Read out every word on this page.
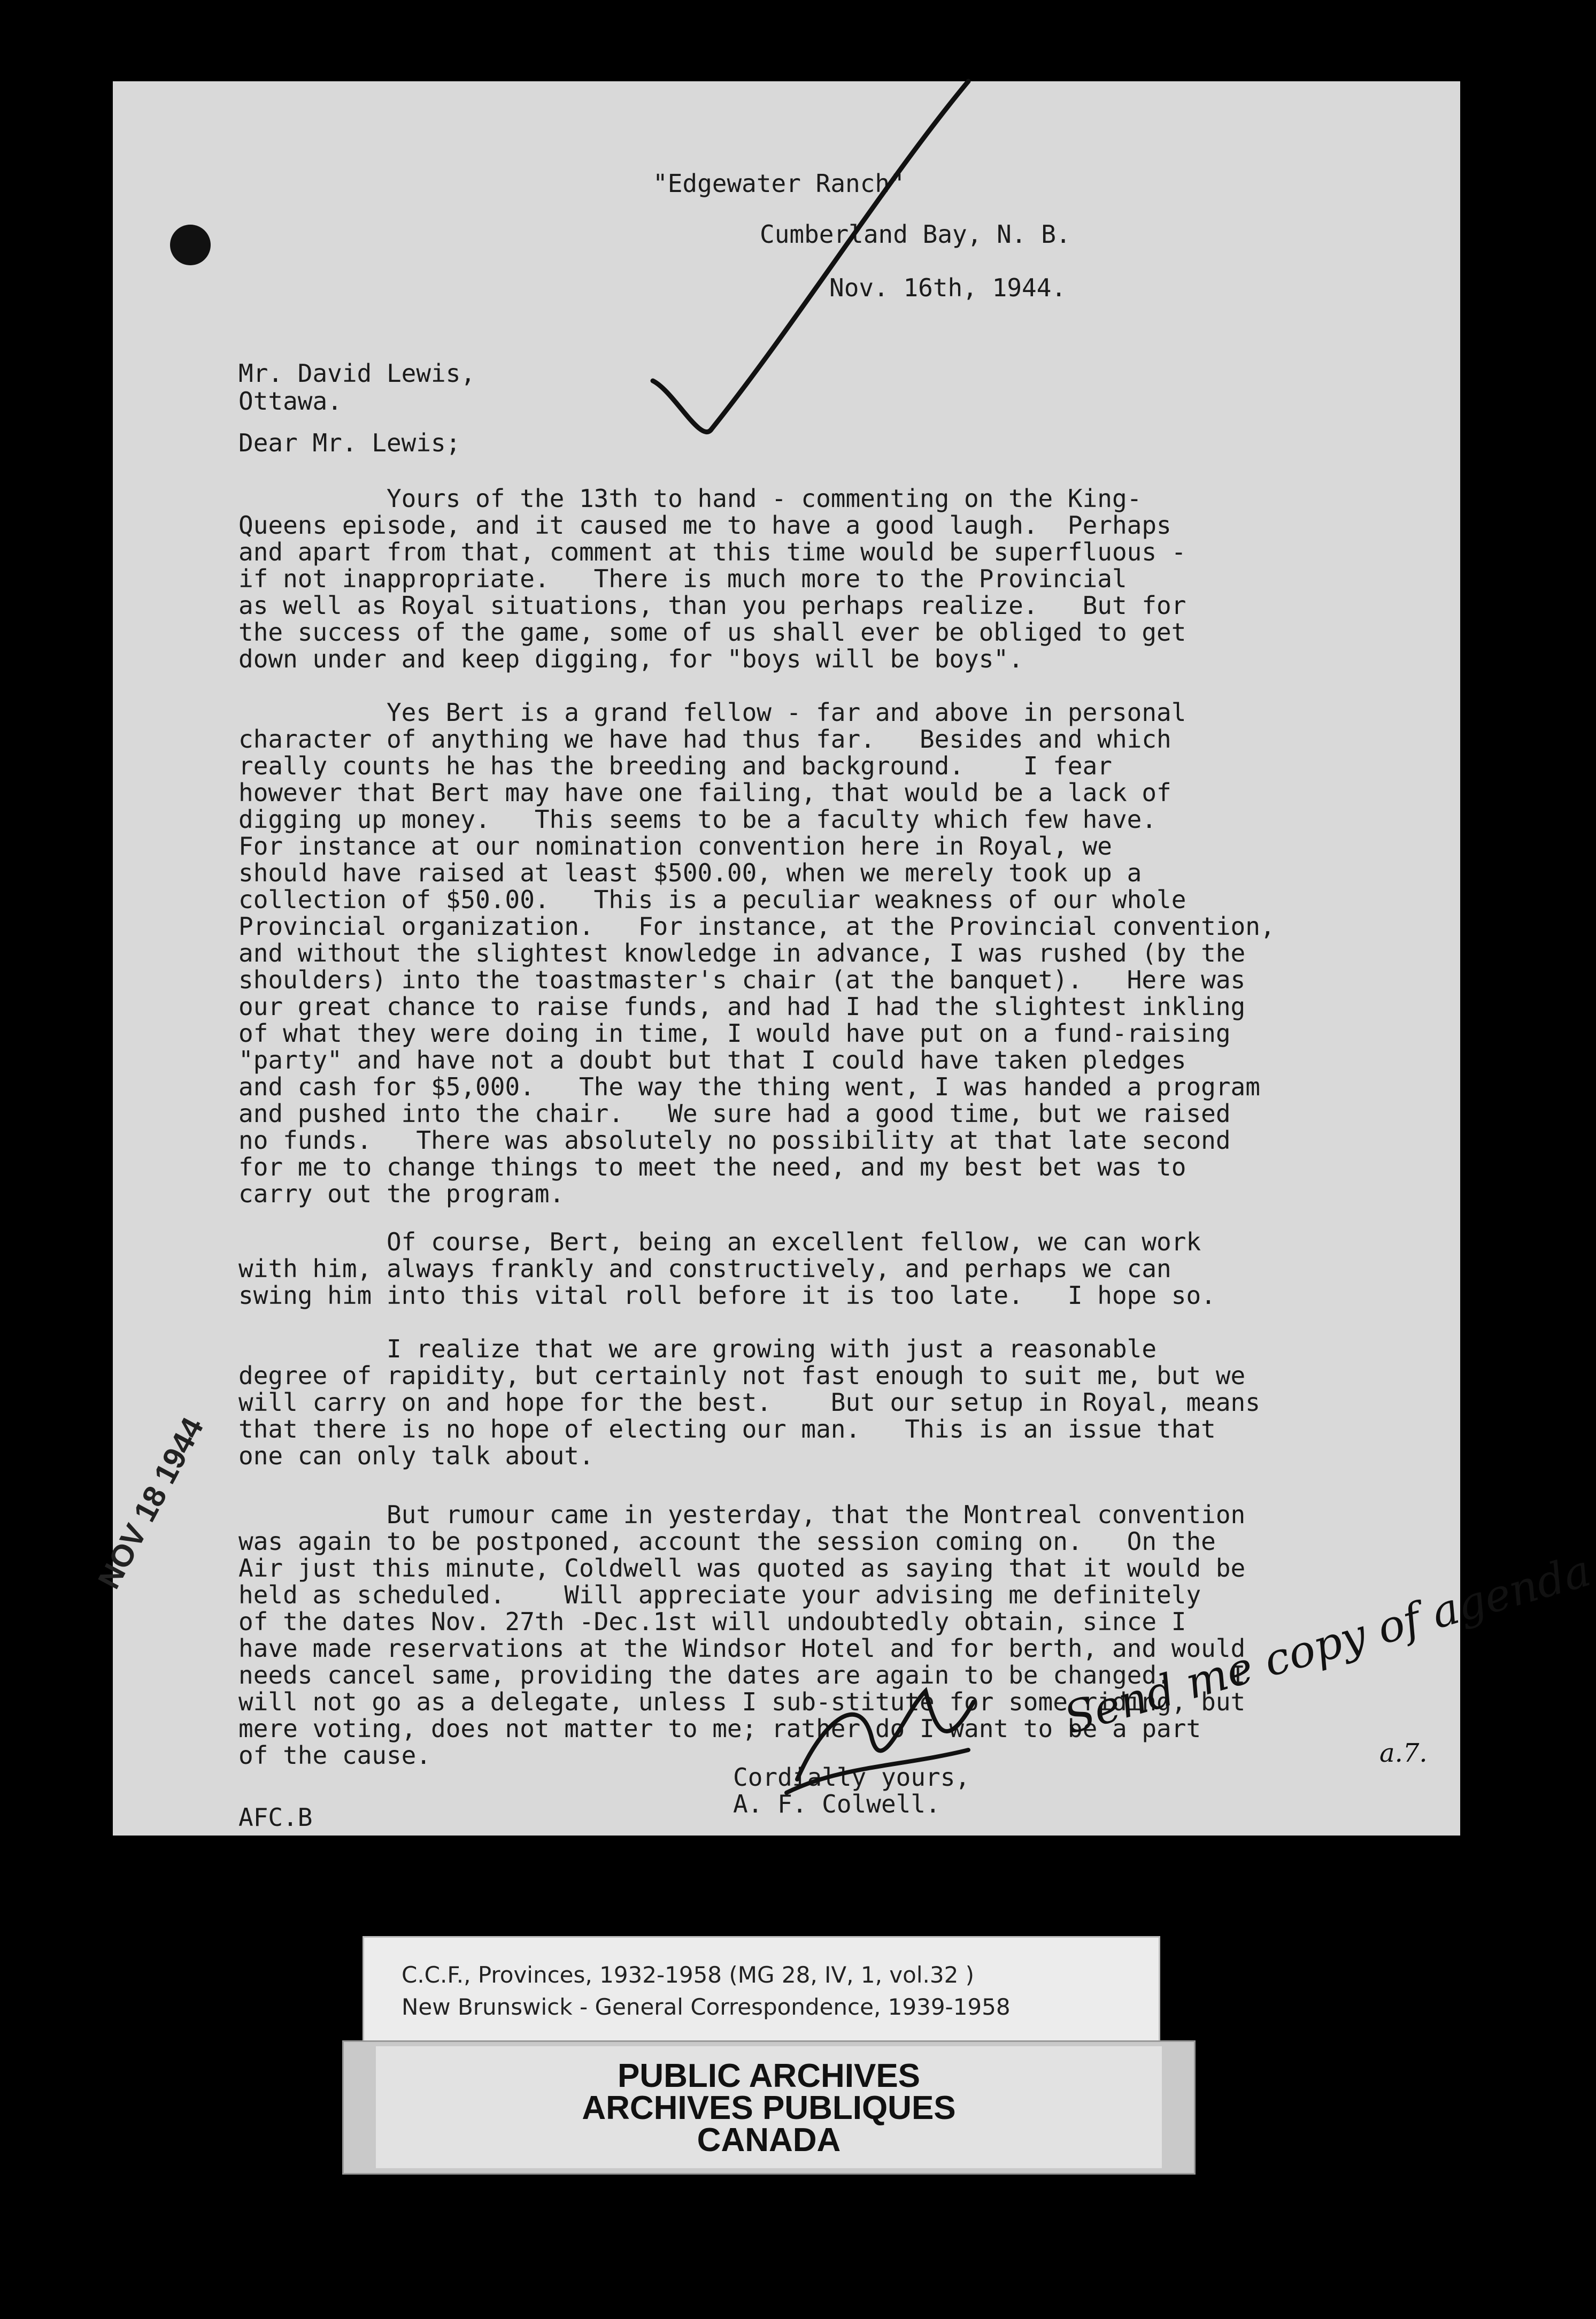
"Edgewater Ranch"
Cumberland Bay, N. B.
Nov. 16th, 1944.
Mr. David Lewis,
Ottawa.
Dear Mr. Lewis;
Yours of the 13th to hand - commenting on the King-
Queens episode, and it caused me to have a good laugh.  Perhaps
and apart from that, comment at this time would be superfluous -
if not inappropriate.   There is much more to the Provincial
as well as Royal situations, than you perhaps realize.   But for
the success of the game, some of us shall ever be obliged to get
down under and keep digging, for "boys will be boys".
Yes Bert is a grand fellow - far and above in personal
character of anything we have had thus far.   Besides and which
really counts he has the breeding and background.    I fear
however that Bert may have one failing, that would be a lack of
digging up money.   This seems to be a faculty which few have.
For instance at our nomination convention here in Royal, we
should have raised at least $500.00, when we merely took up a
collection of $50.00.   This is a peculiar weakness of our whole
Provincial organization.   For instance, at the Provincial convention,
and without the slightest knowledge in advance, I was rushed (by the
shoulders) into the toastmaster's chair (at the banquet).   Here was
our great chance to raise funds, and had I had the slightest inkling
of what they were doing in time, I would have put on a fund-raising
"party" and have not a doubt but that I could have taken pledges
and cash for $5,000.   The way the thing went, I was handed a program
and pushed into the chair.   We sure had a good time, but we raised
no funds.   There was absolutely no possibility at that late second
for me to change things to meet the need, and my best bet was to
carry out the program.
Of course, Bert, being an excellent fellow, we can work
with him, always frankly and constructively, and perhaps we can
swing him into this vital roll before it is too late.   I hope so.
I realize that we are growing with just a reasonable
degree of rapidity, but certainly not fast enough to suit me, but we
will carry on and hope for the best.    But our setup in Royal, means
that there is no hope of electing our man.   This is an issue that
one can only talk about.
But rumour came in yesterday, that the Montreal convention
was again to be postponed, account the session coming on.   On the
Air just this minute, Coldwell was quoted as saying that it would be
held as scheduled.    Will appreciate your advising me definitely
of the dates Nov. 27th -Dec.1st will undoubtedly obtain, since I
have made reservations at the Windsor Hotel and for berth, and would
needs cancel same, providing the dates are again to be changed.    I
will not go as a delegate, unless I sub-stitute for some riding, but
mere voting, does not matter to me; rather do I want to be a part
of the cause.
Cordially yours,
A. F. Colwell.
AFC.B
NOV 18 1944
Send me copy of agenda
a.7.
C.C.F., Provinces, 1932-1958 (MG 28, IV, 1, vol.32 )
New Brunswick - General Correspondence, 1939-1958
PUBLIC ARCHIVES
ARCHIVES PUBLIQUES
CANADA
